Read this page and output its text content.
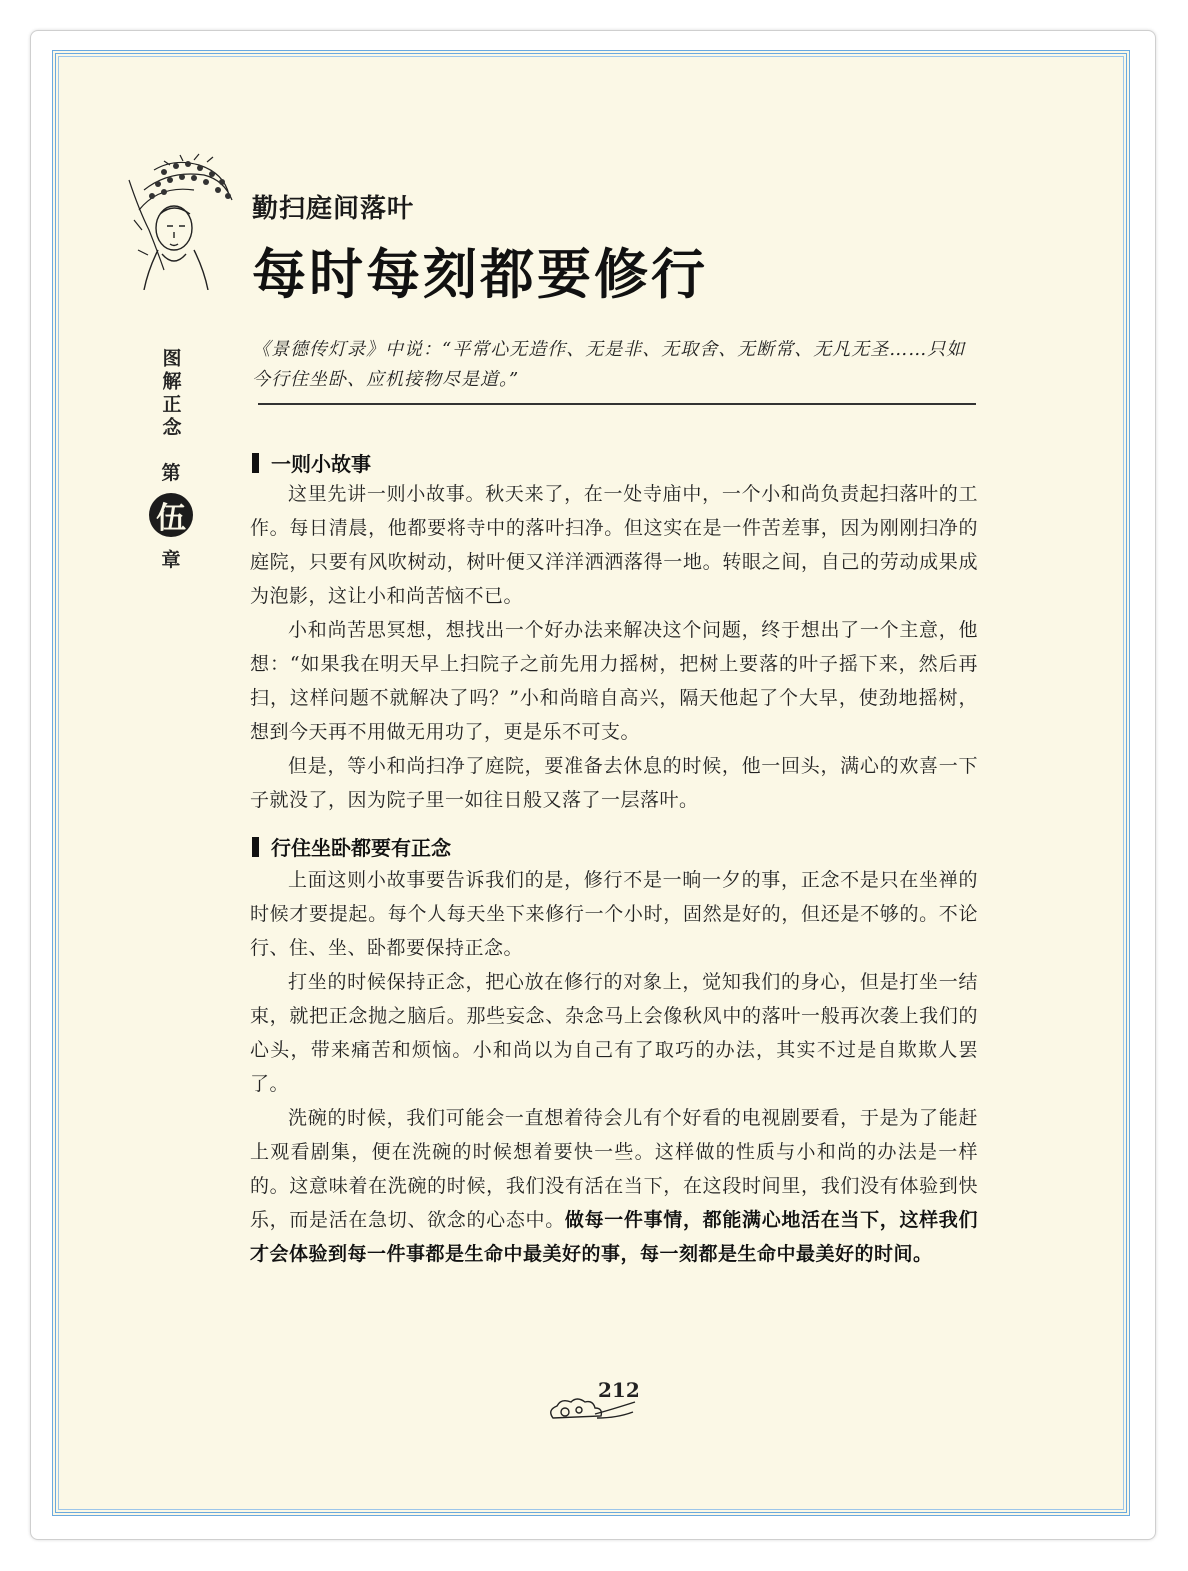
勤扫庭间落叶
每时每刻都要修行
图解正念
第
伍
章
《景德传灯录》中说：“平常心无造作、无是非、无取舍、无断常、无凡无圣……只如今行住坐卧、应机接物尽是道。”
一则小故事

这里先讲一则小故事。秋天来了，在一处寺庙中，一个小和尚负责起扫落叶的工作。每日清晨，他都要将寺中的落叶扫净。但这实在是一件苦差事，因为刚刚扫净的庭院，只要有风吹树动，树叶便又洋洋洒洒落得一地。转眼之间，自己的劳动成果成为泡影，这让小和尚苦恼不已。

小和尚苦思冥想，想找出一个好办法来解决这个问题，终于想出了一个主意，他想：“如果我在明天早上扫院子之前先用力摇树，把树上要落的叶子摇下来，然后再扫，这样问题不就解决了吗？”小和尚暗自高兴，隔天他起了个大早，使劲地摇树，想到今天再不用做无用功了，更是乐不可支。

但是，等小和尚扫净了庭院，要准备去休息的时候，他一回头，满心的欢喜一下子就没了，因为院子里一如往日般又落了一层落叶。

行住坐卧都要有正念

上面这则小故事要告诉我们的是，修行不是一晌一夕的事，正念不是只在坐禅的时候才要提起。每个人每天坐下来修行一个小时，固然是好的，但还是不够的。不论行、住、坐、卧都要保持正念。

打坐的时候保持正念，把心放在修行的对象上，觉知我们的身心，但是打坐一结束，就把正念抛之脑后。那些妄念、杂念马上会像秋风中的落叶一般再次袭上我们的心头，带来痛苦和烦恼。小和尚以为自己有了取巧的办法，其实不过是自欺欺人罢了。

洗碗的时候，我们可能会一直想着待会儿有个好看的电视剧要看，于是为了能赶上观看剧集，便在洗碗的时候想着要快一些。这样做的性质与小和尚的办法是一样的。这意味着在洗碗的时候，我们没有活在当下，在这段时间里，我们没有体验到快乐，而是活在急切、欲念的心态中。做每一件事情，都能满心地活在当下，这样我们才会体验到每一件事都是生命中最美好的事，每一刻都是生命中最美好的时间。

212
